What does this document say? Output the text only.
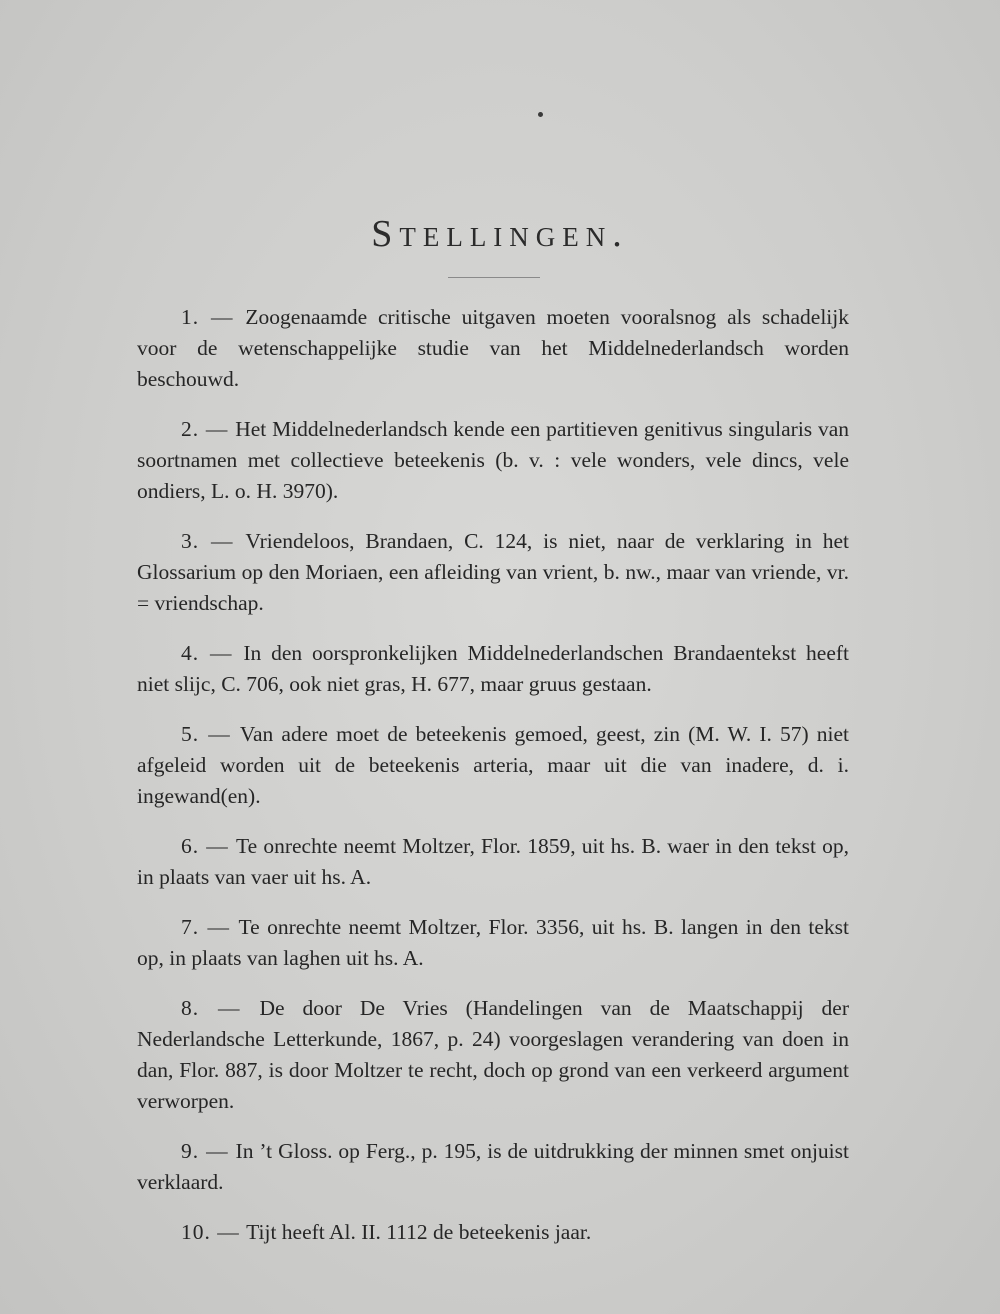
Stellingen.

1. — Zoogenaamde critische uitgaven moeten vooralsnog als schadelijk voor de wetenschappelijke studie van het Middelnederlandsch worden beschouwd.

2. — Het Middelnederlandsch kende een partitieven genitivus singularis van soortnamen met collectieve beteekenis (b. v. : vele wonders, vele dincs, vele ondiers, L. o. H. 3970).

3. — Vriendeloos, Brandaen, C. 124, is niet, naar de verklaring in het Glossarium op den Moriaen, een afleiding van vrient, b. nw., maar van vriende, vr. = vriendschap.

4. — In den oorspronkelijken Middelnederlandschen Brandaentekst heeft niet slijc, C. 706, ook niet gras, H. 677, maar gruus gestaan.

5. — Van adere moet de beteekenis gemoed, geest, zin (M. W. I. 57) niet afgeleid worden uit de beteekenis arteria, maar uit die van inadere, d. i. ingewand(en).

6. — Te onrechte neemt Moltzer, Flor. 1859, uit hs. B. waer in den tekst op, in plaats van vaer uit hs. A.

7. — Te onrechte neemt Moltzer, Flor. 3356, uit hs. B. langen in den tekst op, in plaats van laghen uit hs. A.

8. — De door De Vries (Handelingen van de Maatschappij der Nederlandsche Letterkunde, 1867, p. 24) voorgeslagen verandering van doen in dan, Flor. 887, is door Moltzer te recht, doch op grond van een verkeerd argument verworpen.

9. — In ’t Gloss. op Ferg., p. 195, is de uitdrukking der minnen smet onjuist verklaard.

10. — Tijt heeft Al. II. 1112 de beteekenis jaar.
